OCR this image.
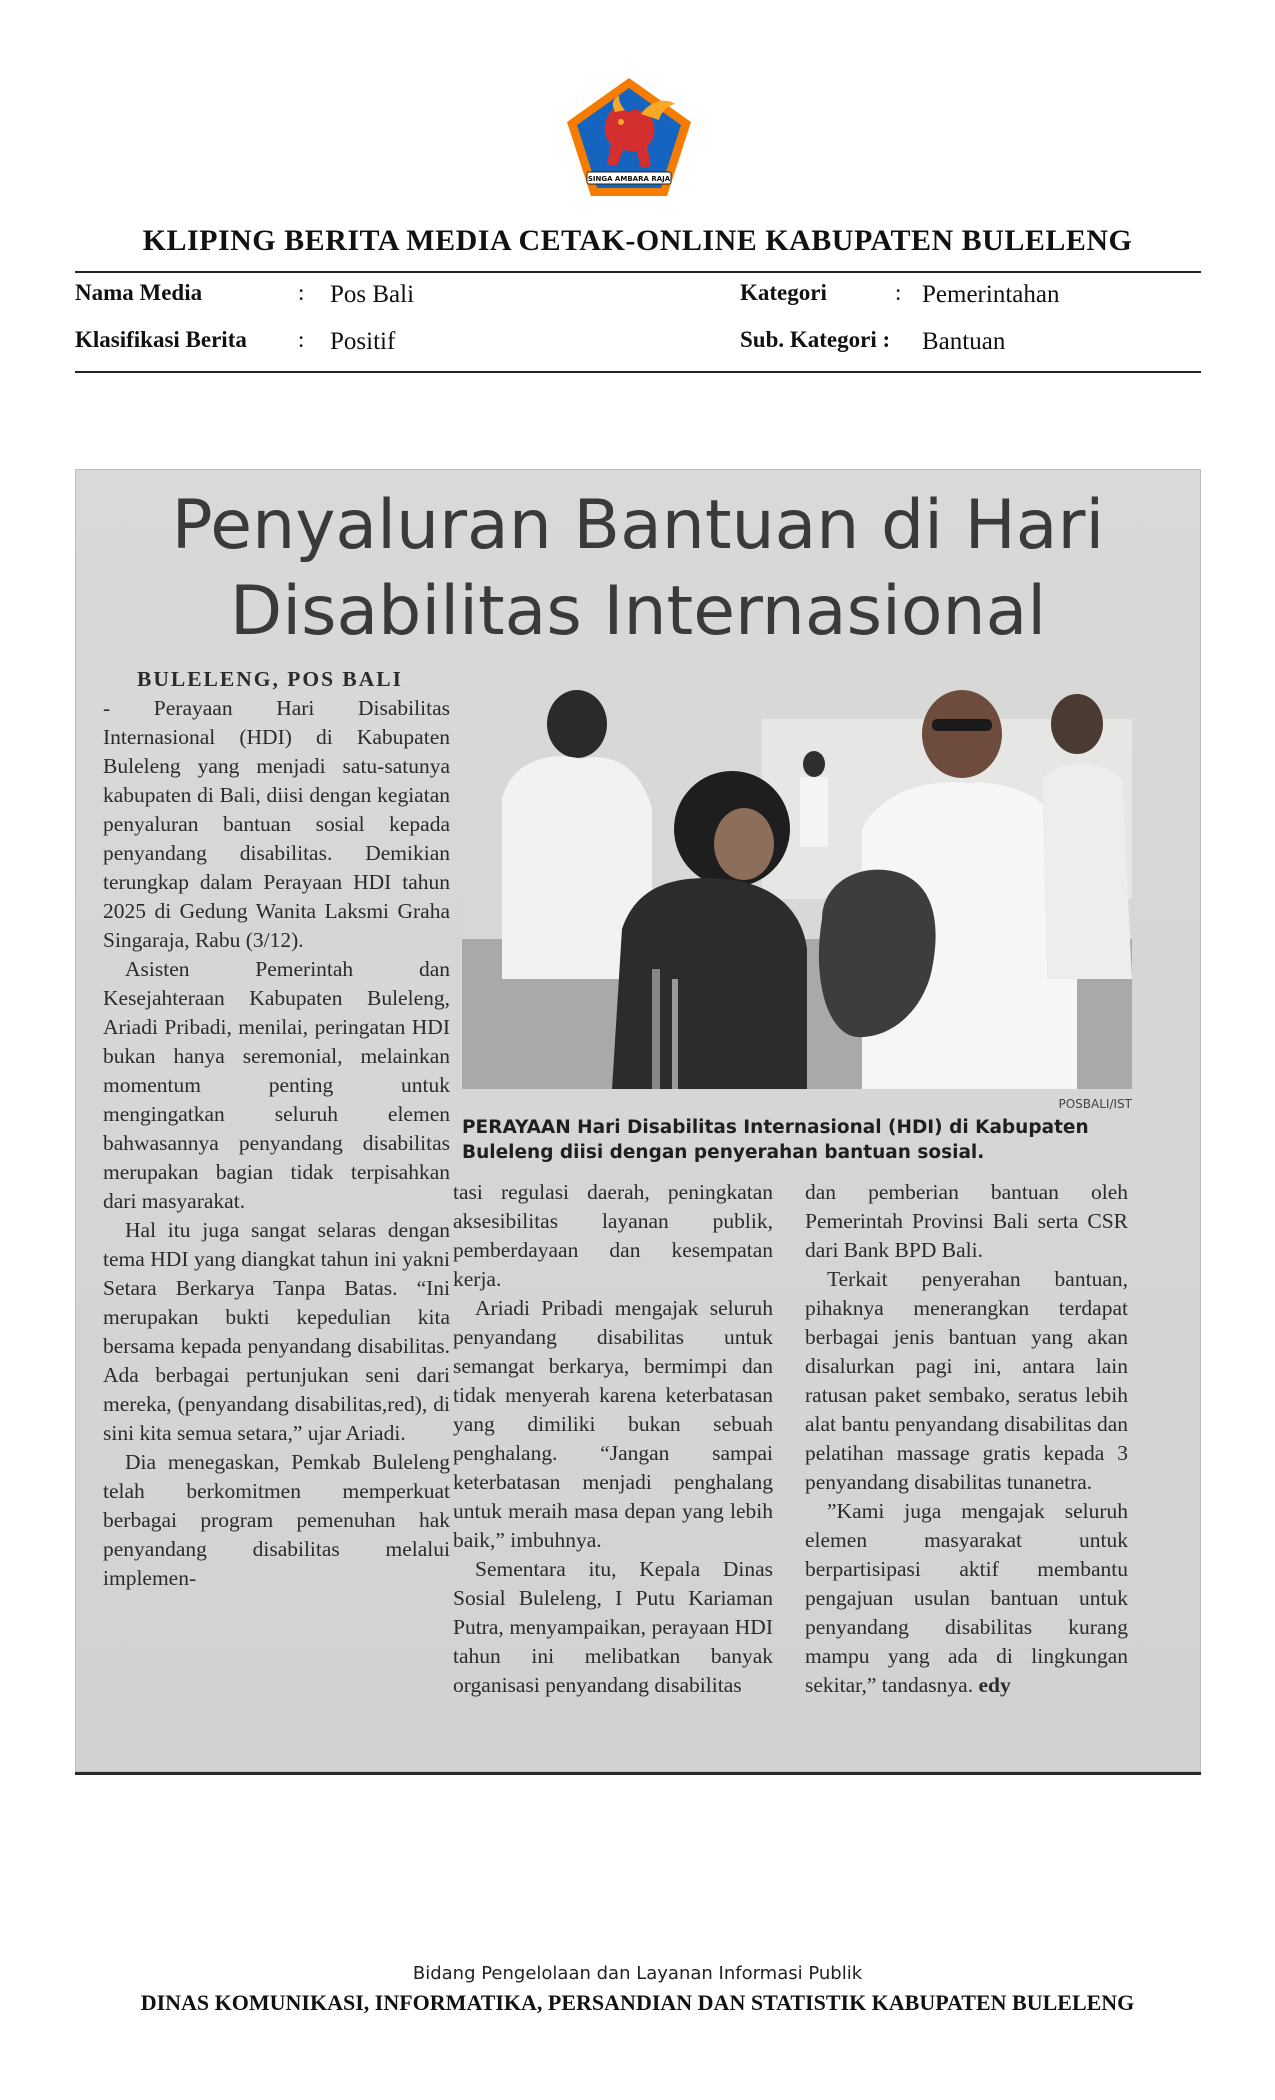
SINGA AMBARA RAJA
KLIPING BERITA MEDIA CETAK-ONLINE KABUPATEN BULELENG
Nama Media	: Pos Bali	Kategori	: Pemerintahan
Klasifikasi Berita : Positif	Sub. Kategori : Bantuan
Penyaluran Bantuan di Hari
Disabilitas Internasional

BULELENG, POS BALI

- Perayaan Hari Disabilitas Internasional (HDI) di Kabupaten Buleleng yang menjadi satu-satunya kabupaten di Bali, diisi dengan kegiatan penyaluran bantuan sosial kepada penyandang disabilitas. Demikian terungkap dalam Perayaan HDI tahun 2025 di Gedung Wanita Laksmi Graha Singaraja, Rabu (3/12).

Asisten Pemerintah dan Kesejahteraan Kabupaten Buleleng, Ariadi Pribadi, menilai, peringatan HDI bukan hanya seremonial, melainkan momentum penting untuk mengingatkan seluruh elemen bahwasannya penyandang disabilitas merupakan bagian tidak terpisahkan dari masyarakat.

Hal itu juga sangat selaras dengan tema HDI yang diangkat tahun ini yakni Setara Berkarya Tanpa Batas. “Ini merupakan bukti kepedulian kita bersama kepada penyandang disabilitas. Ada berbagai pertunjukan seni dari mereka, (penyandang disabilitas,red), di sini kita semua setara,” ujar Ariadi.

Dia menegaskan, Pemkab Buleleng telah berkomitmen memperkuat berbagai program pemenuhan hak penyandang disabilitas melalui implemen-

POSBALI/IST
PERAYAAN Hari Disabilitas Internasional (HDI) di Kabupaten Buleleng diisi dengan penyerahan bantuan sosial.

tasi regulasi daerah, peningkatan aksesibilitas layanan publik, pemberdayaan dan kesempatan kerja.

Ariadi Pribadi mengajak seluruh penyandang disabilitas untuk semangat berkarya, bermimpi dan tidak menyerah karena keterbatasan yang dimiliki bukan sebuah penghalang. “Jangan sampai keterbatasan menjadi penghalang untuk meraih masa depan yang lebih baik,” imbuhnya.

Sementara itu, Kepala Dinas Sosial Buleleng, I Putu Kariaman Putra, menyampaikan, perayaan HDI tahun ini melibatkan banyak organisasi penyandang disabilitas

dan pemberian bantuan oleh Pemerintah Provinsi Bali serta CSR dari Bank BPD Bali.

Terkait penyerahan bantuan, pihaknya menerangkan terdapat berbagai jenis bantuan yang akan disalurkan pagi ini, antara lain ratusan paket sembako, seratus lebih alat bantu penyandang disabilitas dan pelatihan massage gratis kepada 3 penyandang disabilitas tunanetra.

”Kami juga mengajak seluruh elemen masyarakat untuk berpartisipasi aktif membantu pengajuan usulan bantuan untuk penyandang disabilitas kurang mampu yang ada di lingkungan sekitar,” tandasnya. edy

Bidang Pengelolaan dan Layanan Informasi Publik
DINAS KOMUNIKASI, INFORMATIKA, PERSANDIAN DAN STATISTIK KABUPATEN BULELENG
